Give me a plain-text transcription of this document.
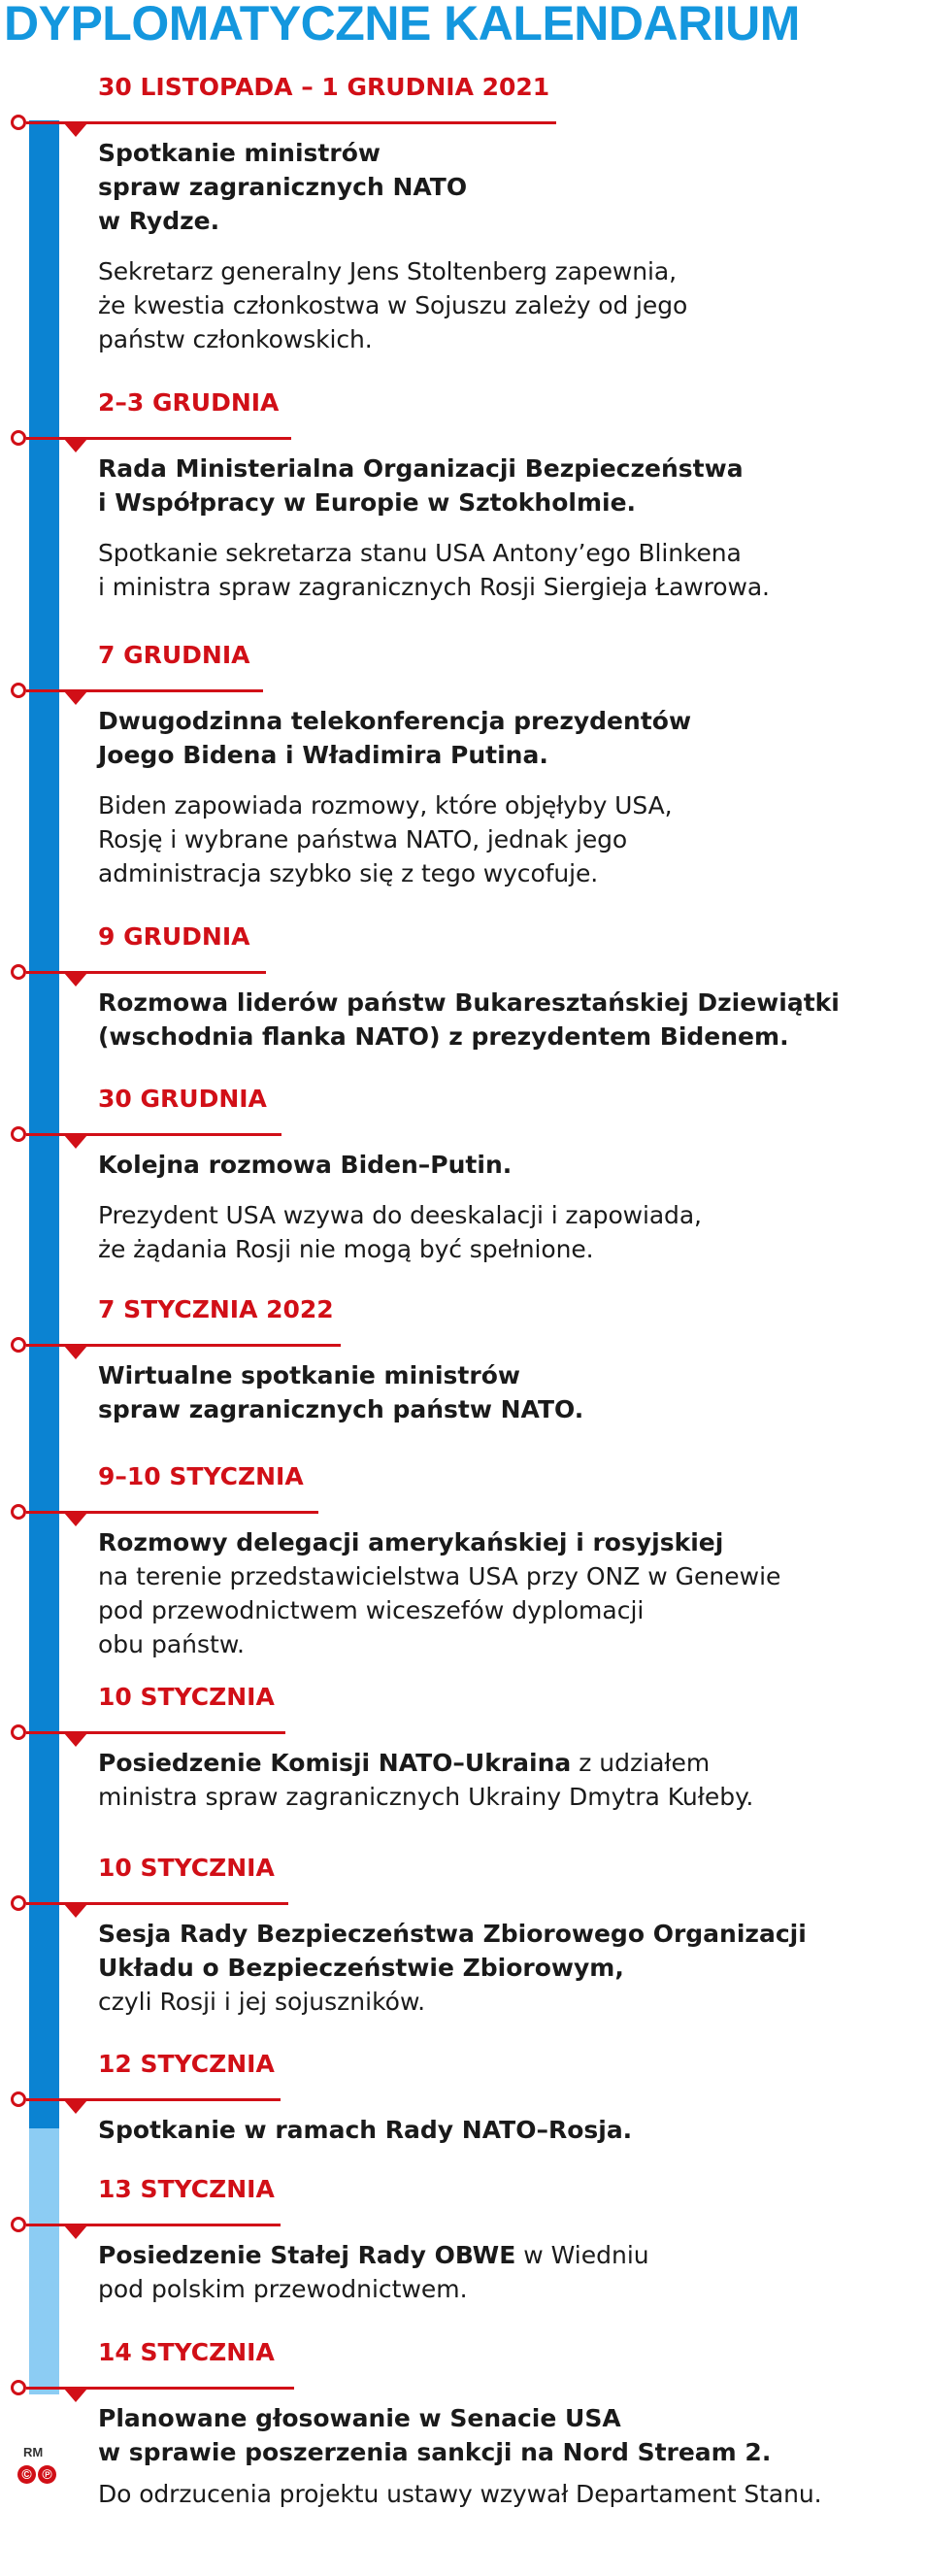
DYPLOMATYCZNE KALENDARIUM

30 LISTOPADA – 1 GRUDNIA 2021

Spotkanie ministrów
spraw zagranicznych NATO
w Rydze.

Sekretarz generalny Jens Stoltenberg zapewnia,
że kwestia członkostwa w Sojuszu zależy od jego
państw członkowskich.

2–3 GRUDNIA

Rada Ministerialna Organizacji Bezpieczeństwa
i Współpracy w Europie w Sztokholmie.

Spotkanie sekretarza stanu USA Antony’ego Blinkena
i ministra spraw zagranicznych Rosji Siergieja Ławrowa.

7 GRUDNIA

Dwugodzinna telekonferencja prezydentów
Joego Bidena i Władimira Putina.

Biden zapowiada rozmowy, które objęłyby USA,
Rosję i wybrane państwa NATO, jednak jego
administracja szybko się z tego wycofuje.

9 GRUDNIA

Rozmowa liderów państw Bukaresztańskiej Dziewiątki
(wschodnia flanka NATO) z prezydentem Bidenem.

30 GRUDNIA

Kolejna rozmowa Biden–Putin.

Prezydent USA wzywa do deeskalacji i zapowiada,
że żądania Rosji nie mogą być spełnione.

7 STYCZNIA 2022

Wirtualne spotkanie ministrów
spraw zagranicznych państw NATO.

9–10 STYCZNIA

Rozmowy delegacji amerykańskiej i rosyjskiej
na terenie przedstawicielstwa USA przy ONZ w Genewie
pod przewodnictwem wiceszefów dyplomacji
obu państw.

10 STYCZNIA

Posiedzenie Komisji NATO–Ukraina z udziałem
ministra spraw zagranicznych Ukrainy Dmytra Kułeby.

10 STYCZNIA

Sesja Rady Bezpieczeństwa Zbiorowego Organizacji
Układu o Bezpieczeństwie Zbiorowym,
czyli Rosji i jej sojuszników.

12 STYCZNIA

Spotkanie w ramach Rady NATO–Rosja.

13 STYCZNIA

Posiedzenie Stałej Rady OBWE w Wiedniu
pod polskim przewodnictwem.

14 STYCZNIA

Planowane głosowanie w Senacie USA
w sprawie poszerzenia sankcji na Nord Stream 2.

Do odrzucenia projektu ustawy wzywał Departament Stanu.

RM

© ℗
